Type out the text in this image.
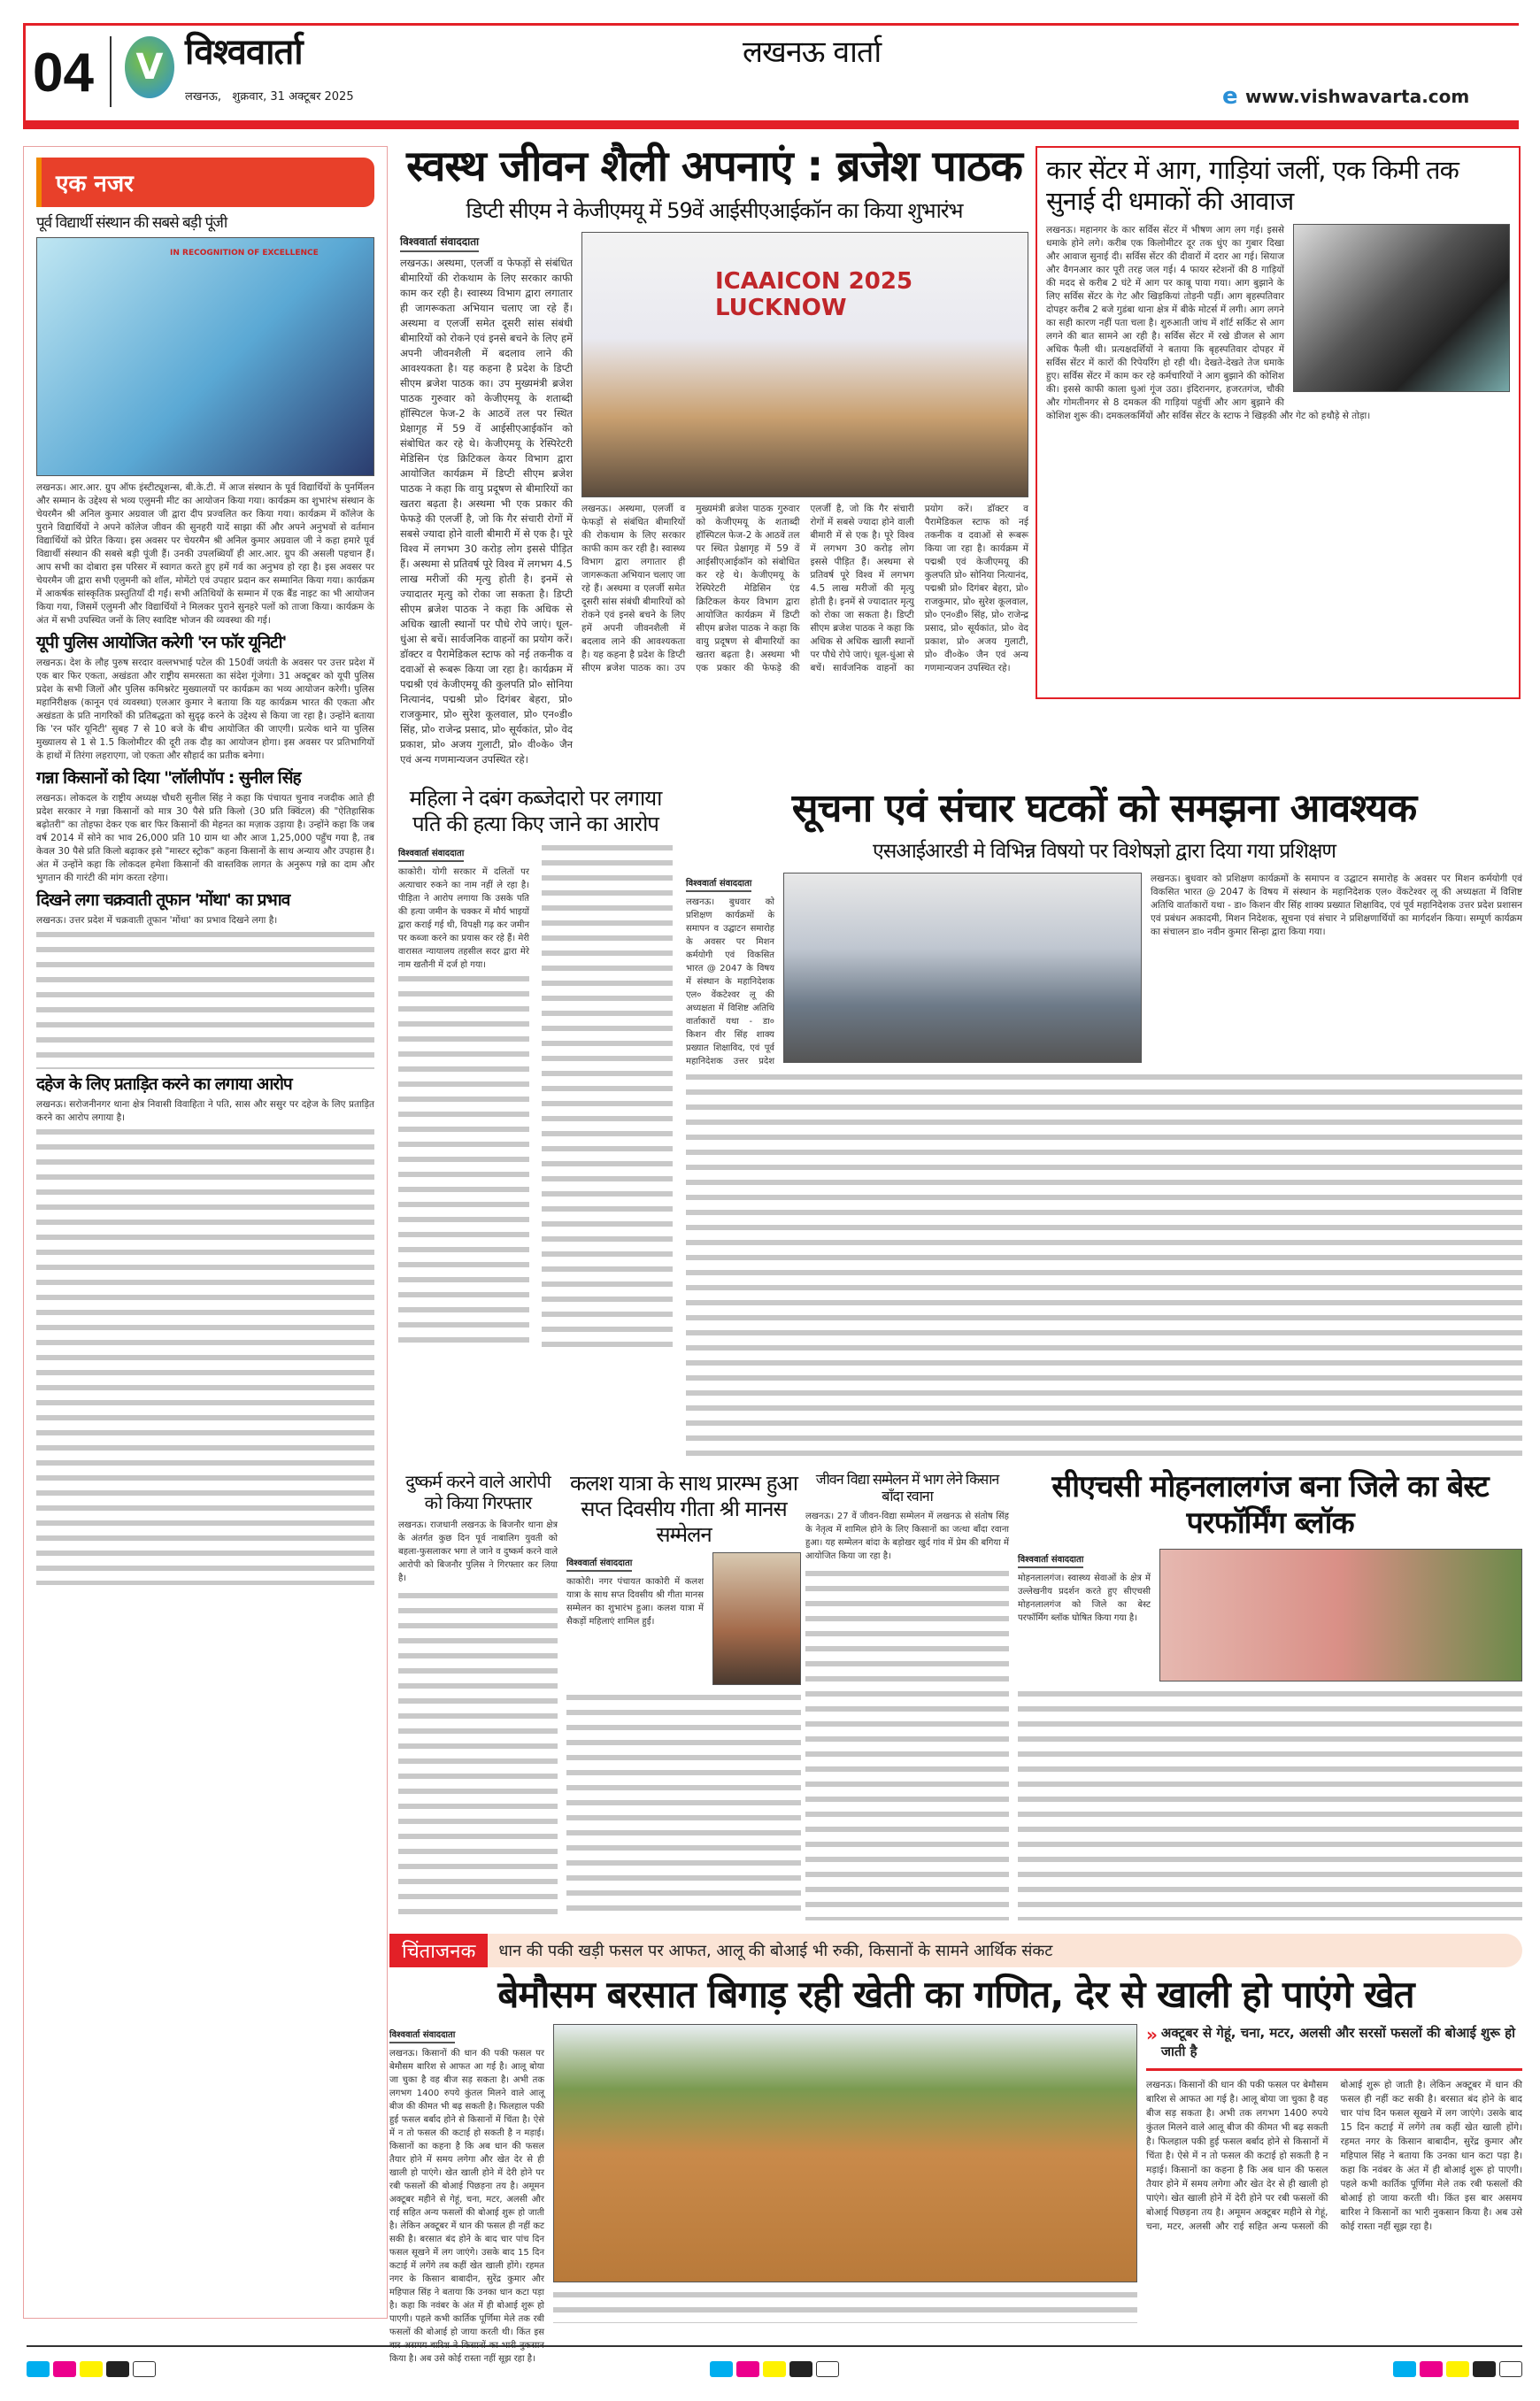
04	V विश्ववार्ता
लखनऊ,   शुक्रवार, 31 अक्टूबर 2025
लखनऊ वार्ता
e www.vishwavarta.com
एक नजर
पूर्व विद्यार्थी संस्थान की सबसे बड़ी पूंजी
IN RECOGNITION OF EXCELLENCE
लखनऊ। आर.आर. ग्रुप ऑफ इंस्टीट्यूशन्स, बी.के.टी. में आज संस्थान के पूर्व विद्यार्थियों के पुनर्मिलन और सम्मान के उद्देश्य से भव्य एलुमनी मीट का आयोजन किया गया। कार्यक्रम का शुभारंभ संस्थान के चेयरमैन श्री अनिल कुमार अग्रवाल जी द्वारा दीप प्रज्वलित कर किया गया। कार्यक्रम में कॉलेज के पुराने विद्यार्थियों ने अपने कॉलेज जीवन की सुनहरी यादें साझा कीं और अपने अनुभवों से वर्तमान विद्यार्थियों को प्रेरित किया। इस अवसर पर चेयरमैन श्री अनिल कुमार अग्रवाल जी ने कहा हमारे पूर्व विद्यार्थी संस्थान की सबसे बड़ी पूंजी हैं। उनकी उपलब्धियाँ ही आर.आर. ग्रुप की असली पहचान हैं। आप सभी का दोबारा इस परिसर में स्वागत करते हुए हमें गर्व का अनुभव हो रहा है। इस अवसर पर चेयरमैन जी द्वारा सभी एलुमनी को शॉल, मोमेंटो एवं उपहार प्रदान कर सम्मानित किया गया। कार्यक्रम में आकर्षक सांस्कृतिक प्रस्तुतियाँ दी गईं। सभी अतिथियों के सम्मान में एक बैंड नाइट का भी आयोजन किया गया, जिसमें एलुमनी और विद्यार्थियों ने मिलकर पुराने सुनहरे पलों को ताजा किया। कार्यक्रम के अंत में सभी उपस्थित जनों के लिए स्वादिष्ट भोजन की व्यवस्था की गई।
यूपी पुलिस आयोजित करेगी 'रन फॉर यूनिटी'
लखनऊ। देश के लौह पुरुष सरदार वल्लभभाई पटेल की 150वीं जयंती के अवसर पर उत्तर प्रदेश में एक बार फिर एकता, अखंडता और राष्ट्रीय समरसता का संदेश गूंजेगा। 31 अक्टूबर को यूपी पुलिस प्रदेश के सभी जिलों और पुलिस कमिश्नरेट मुख्यालयों पर कार्यक्रम का भव्य आयोजन करेगी। पुलिस महानिरीक्षक (कानून एवं व्यवस्था) एलआर कुमार ने बताया कि यह कार्यक्रम भारत की एकता और अखंडता के प्रति नागरिकों की प्रतिबद्धता को सुदृढ़ करने के उद्देश्य से किया जा रहा है। उन्होंने बताया कि 'रन फॉर यूनिटी' सुबह 7 से 10 बजे के बीच आयोजित की जाएगी। प्रत्येक थाने या पुलिस मुख्यालय से 1 से 1.5 किलोमीटर की दूरी तक दौड़ का आयोजन होगा। इस अवसर पर प्रतिभागियों के हाथों में तिरंगा लहराएगा, जो एकता और सौहार्द का प्रतीक बनेगा।
गन्ना किसानों को दिया "लॉलीपॉप : सुनील सिंह
लखनऊ। लोकदल के राष्ट्रीय अध्यक्ष चौधरी सुनील सिंह ने कहा कि पंचायत चुनाव नजदीक आते ही प्रदेश सरकार ने गन्ना किसानों को मात्र 30 पैसे प्रति किलो (30 प्रति क्विंटल) की "ऐतिहासिक बढ़ोतरी" का तोहफा देकर एक बार फिर किसानों की मेहनत का मज़ाक उड़ाया है। उन्होंने कहा कि जब वर्ष 2014 में सोने का भाव 26,000 प्रति 10 ग्राम था और आज 1,25,000 पहुँच गया है, तब केवल 30 पैसे प्रति किलो बढ़ाकर इसे "मास्टर स्ट्रोक" कहना किसानों के साथ अन्याय और उपहास है। अंत में उन्होंने कहा कि लोकदल हमेशा किसानों की वास्तविक लागत के अनुरूप गन्ने का दाम और भुगतान की गारंटी की मांग करता रहेगा।
दिखने लगा चक्रवाती तूफान 'मोंथा' का प्रभाव
लखनऊ। उत्तर प्रदेश में चक्रवाती तूफान 'मोंथा' का प्रभाव दिखने लगा है।
दहेज के लिए प्रताड़ित करने का लगाया आरोप
लखनऊ। सरोजनीनगर थाना क्षेत्र निवासी विवाहिता ने पति, सास और ससुर पर दहेज के लिए प्रताड़ित करने का आरोप लगाया है।
स्वस्थ जीवन शैली अपनाएं : ब्रजेश पाठक
डिप्टी सीएम ने केजीएमयू में 59वें आईसीएआईकॉन का किया शुभारंभ
विश्ववार्ता संवाददाता
लखनऊ। अस्थमा, एलर्जी व फेफड़ों से संबंधित बीमारियों की रोकथाम के लिए सरकार काफी काम कर रही है। स्वास्थ्य विभाग द्वारा लगातार ही जागरूकता अभियान चलाए जा रहे हैं। अस्थमा व एलर्जी समेत दूसरी सांस संबंधी बीमारियों को रोकने एवं इनसे बचने के लिए हमें अपनी जीवनशैली में बदलाव लाने की आवश्यकता है। यह कहना है प्रदेश के डिप्टी सीएम ब्रजेश पाठक का। उप मुख्यमंत्री ब्रजेश पाठक गुरुवार को केजीएमयू के शताब्दी हॉस्पिटल फेज-2 के आठवें तल पर स्थित प्रेक्षागृह में 59 वें आईसीएआईकॉन को संबोधित कर रहे थे। केजीएमयू के रेस्पिरेटरी मेडिसिन एंड क्रिटिकल केयर विभाग द्वारा आयोजित कार्यक्रम में डिप्टी सीएम ब्रजेश पाठक ने कहा कि वायु प्रदूषण से बीमारियों का खतरा बढ़ता है। अस्थमा भी एक प्रकार की फेफड़े की एलर्जी है, जो कि गैर संचारी रोगों में सबसे ज्यादा होने वाली बीमारी में से एक है। पूरे विश्व में लगभग 30 करोड़ लोग इससे पीड़ित हैं। अस्थमा से प्रतिवर्ष पूरे विश्व में लगभग 4.5 लाख मरीजों की मृत्यु होती है। इनमें से ज्यादातर मृत्यु को रोका जा सकता है। डिप्टी सीएम ब्रजेश पाठक ने कहा कि अधिक से अधिक खाली स्थानों पर पौधे रोपे जाएं। धूल-धुंआ से बचें। सार्वजनिक वाहनों का प्रयोग करें। डॉक्टर व पैरामेडिकल स्टाफ को नई तकनीक व दवाओं से रूबरू किया जा रहा है। कार्यक्रम में पद्मश्री एवं केजीएमयू की कुलपति प्रो० सोनिया नित्यानंद, पद्मश्री प्रो० दिगंबर बेहरा, प्रो० राजकुमार, प्रो० सुरेश कूलवाल, प्रो० एन०डी० सिंह, प्रो० राजेन्द्र प्रसाद, प्रो० सूर्यकांत, प्रो० वेद प्रकाश, प्रो० अजय गुलाटी, प्रो० वी०के० जैन एवं अन्य गणमान्यजन उपस्थित रहे।
ICAAICON 2025 LUCKNOW
लखनऊ। अस्थमा, एलर्जी व फेफड़ों से संबंधित बीमारियों की रोकथाम के लिए सरकार काफी काम कर रही है। स्वास्थ्य विभाग द्वारा लगातार ही जागरूकता अभियान चलाए जा रहे हैं। अस्थमा व एलर्जी समेत दूसरी सांस संबंधी बीमारियों को रोकने एवं इनसे बचने के लिए हमें अपनी जीवनशैली में बदलाव लाने की आवश्यकता है। यह कहना है प्रदेश के डिप्टी सीएम ब्रजेश पाठक का। उप मुख्यमंत्री ब्रजेश पाठक गुरुवार को केजीएमयू के शताब्दी हॉस्पिटल फेज-2 के आठवें तल पर स्थित प्रेक्षागृह में 59 वें आईसीएआईकॉन को संबोधित कर रहे थे। केजीएमयू के रेस्पिरेटरी मेडिसिन एंड क्रिटिकल केयर विभाग द्वारा आयोजित कार्यक्रम में डिप्टी सीएम ब्रजेश पाठक ने कहा कि वायु प्रदूषण से बीमारियों का खतरा बढ़ता है। अस्थमा भी एक प्रकार की फेफड़े की एलर्जी है, जो कि गैर संचारी रोगों में सबसे ज्यादा होने वाली बीमारी में से एक है। पूरे विश्व में लगभग 30 करोड़ लोग इससे पीड़ित हैं। अस्थमा से प्रतिवर्ष पूरे विश्व में लगभग 4.5 लाख मरीजों की मृत्यु होती है। इनमें से ज्यादातर मृत्यु को रोका जा सकता है। डिप्टी सीएम ब्रजेश पाठक ने कहा कि अधिक से अधिक खाली स्थानों पर पौधे रोपे जाएं। धूल-धुंआ से बचें। सार्वजनिक वाहनों का प्रयोग करें। डॉक्टर व पैरामेडिकल स्टाफ को नई तकनीक व दवाओं से रूबरू किया जा रहा है। कार्यक्रम में पद्मश्री एवं केजीएमयू की कुलपति प्रो० सोनिया नित्यानंद, पद्मश्री प्रो० दिगंबर बेहरा, प्रो० राजकुमार, प्रो० सुरेश कूलवाल, प्रो० एन०डी० सिंह, प्रो० राजेन्द्र प्रसाद, प्रो० सूर्यकांत, प्रो० वेद प्रकाश, प्रो० अजय गुलाटी, प्रो० वी०के० जैन एवं अन्य गणमान्यजन उपस्थित रहे।
कार सेंटर में आग, गाड़ियां जलीं, एक किमी तक सुनाई दी धमाकों की आवाज
लखनऊ। महानगर के कार सर्विस सेंटर में भीषण आग लग गई। इससे धमाके होने लगे। करीब एक किलोमीटर दूर तक धुंए का गुबार दिखा और आवाज सुनाई दी। सर्विस सेंटर की दीवारों में दरार आ गई। सियाज और वैगनआर कार पूरी तरह जल गई। 4 फायर स्टेशनों की 8 गाड़ियों की मदद से करीब 2 घंटे में आग पर काबू पाया गया। आग बुझाने के लिए सर्विस सेंटर के गेट और खिड़कियां तोड़नी पड़ीं। आग बृहस्पतिवार दोपहर करीब 2 बजे गुडंबा थाना क्षेत्र में बीके मोटर्स में लगी। आग लगने का सही कारण नहीं पता चला है। शुरुआती जांच में शॉर्ट सर्किट से आग लगने की बात सामने आ रही है। सर्विस सेंटर में रखे डीजल से आग अधिक फैली थी। प्रत्यक्षदर्शियों ने बताया कि बृहस्पतिवार दोपहर में सर्विस सेंटर में कारों की रिपेयरिंग हो रही थी। देखते-देखते तेज धमाके हुए। सर्विस सेंटर में काम कर रहे कर्मचारियों ने आग बुझाने की कोशिश की। इससे काफी काला धुआं गूंज उठा। इंदिरानगर, हजरतगंज, चौकी और गोमतीनगर से 8 दमकल की गाड़ियां पहुंचीं और आग बुझाने की कोशिश शुरू की। दमकलकर्मियों और सर्विस सेंटर के स्टाफ ने खिड़की और गेट को हथौड़े से तोड़ा।
महिला ने दबंग कब्जेदारो पर लगाया पति की हत्या किए जाने का आरोप
विश्ववार्ता संवाददाता
काकोरी। योगी सरकार में दलितों पर अत्याचार रुकने का नाम नहीं ले रहा है। पीड़िता ने आरोप लगाया कि उसके पति की हत्या जमीन के चक्कर में मौर्य भाइयों द्वारा कराई गई थी, विपक्षी गढ़ कर जमीन पर कब्जा करने का प्रयास कर रहे हैं। मेरी वारासत न्यायालय तहसील सदर द्वारा मेरे नाम खतौनी में दर्ज हो गया।
सूचना एवं संचार घटकों को समझना आवश्यक
एसआईआरडी मे विभिन्न विषयो पर विशेषज्ञो द्वारा दिया गया प्रशिक्षण
विश्ववार्ता संवाददाता
लखनऊ। बुधवार को प्रशिक्षण कार्यक्रमों के समापन व उद्घाटन समारोह के अवसर पर मिशन कर्मयोगी एवं विकसित भारत @ 2047 के विषय में संस्थान के महानिदेशक एल० वेंकटेश्वर लू की अध्यक्षता में विशिष्ट अतिथि वार्ताकारों यथा - डा० किशन वीर सिंह शाक्य प्रख्यात शिक्षाविद, एवं पूर्व महानिदेशक उत्तर प्रदेश
लखनऊ। बुधवार को प्रशिक्षण कार्यक्रमों के समापन व उद्घाटन समारोह के अवसर पर मिशन कर्मयोगी एवं विकसित भारत @ 2047 के विषय में संस्थान के महानिदेशक एल० वेंकटेश्वर लू की अध्यक्षता में विशिष्ट अतिथि वार्ताकारों यथा - डा० किशन वीर सिंह शाक्य प्रख्यात शिक्षाविद, एवं पूर्व महानिदेशक उत्तर प्रदेश प्रशासन एवं प्रबंधन अकादमी, मिशन निदेशक, सूचना एवं संचार ने प्रशिक्षणार्थियों का मार्गदर्शन किया। सम्पूर्ण कार्यक्रम का संचालन डा० नवीन कुमार सिन्हा द्वारा किया गया।
दुष्कर्म करने वाले आरोपी को किया गिरफ्तार
लखनऊ। राजधानी लखनऊ के बिजनौर थाना क्षेत्र के अंतर्गत कुछ दिन पूर्व नाबालिग युवती को बहला-फुसलाकर भगा ले जाने व दुष्कर्म करने वाले आरोपी को बिजनौर पुलिस ने गिरफ्तार कर लिया है।
कलश यात्रा के साथ प्रारम्भ हुआ सप्त दिवसीय गीता श्री मानस सम्मेलन
विश्ववार्ता संवाददाता
काकोरी। नगर पंचायत काकोरी में कलश यात्रा के साथ सप्त दिवसीय श्री गीता मानस सम्मेलन का शुभारंभ हुआ। कलश यात्रा में सैकड़ों महिलाएं शामिल हुईं।
जीवन विद्या सम्मेलन में भाग लेने किसान बाँदा रवाना
लखनऊ। 27 वें जीवन-विद्या सम्मेलन में लखनऊ से संतोष सिंह के नेतृत्व में शामिल होने के लिए किसानों का जत्था बाँदा रवाना हुआ। यह सम्मेलन बांदा के बड़ोखर खुर्द गांव में प्रेम की बगिया में आयोजित किया जा रहा है।
सीएचसी मोहनलालगंज बना जिले का बेस्ट परफॉर्मिंग ब्लॉक
विश्ववार्ता संवाददाता
मोहनलालगंज। स्वास्थ्य सेवाओं के क्षेत्र में उल्लेखनीय प्रदर्शन करते हुए सीएचसी मोहनलालगंज को जिले का बेस्ट परफॉर्मिंग ब्लॉक घोषित किया गया है।
चिंताजनक	धान की पकी खड़ी फसल पर आफत, आलू की बोआई भी रुकी, किसानों के सामने आर्थिक संकट
बेमौसम बरसात बिगाड़ रही खेती का गणित, देर से खाली हो पाएंगे खेत
विश्ववार्ता संवाददाता
लखनऊ। किसानों की धान की पकी फसल पर बेमौसम बारिश से आफत आ गई है। आलू बोया जा चुका है वह बीज सड़ सकता है। अभी तक लगभग 1400 रुपये कुंतल मिलने वाले आलू बीज की कीमत भी बढ़ सकती है। फिलहाल पकी हुई फसल बर्बाद होने से किसानों में चिंता है। ऐसे में न तो फसल की कटाई हो सकती है न मड़ाई। किसानों का कहना है कि अब धान की फसल तैयार होने में समय लगेगा और खेत देर से ही खाली हो पाएंगे। खेत खाली होने में देरी होने पर रबी फसलों की बोआई पिछड़ना तय है। अमूमन अक्टूबर महीने से गेहूं, चना, मटर, अलसी और राई सहित अन्य फसलों की बोआई शुरू हो जाती है। लेकिन अक्टूबर में धान की फसल ही नहीं कट सकी है। बरसात बंद होने के बाद चार पांच दिन फसल सूखने में लग जाएंगे। उसके बाद 15 दिन कटाई में लगेंगे तब कहीं खेत खाली होंगे। रहमत नगर के किसान बाबादीन, सुरेंद्र कुमार और महिपाल सिंह ने बताया कि उनका धान कटा पड़ा है। कहा कि नवंबर के अंत में ही बोआई शुरू हो पाएगी। पहले कभी कार्तिक पूर्णिमा मेले तक रबी फसलों की बोआई हो जाया करती थी। किंत इस किया है। अब उसे कोई रास्ता नहीं सूझ रहा है।
» अक्टूबर से गेहूं, चना, मटर, अलसी और सरसों फसलों की बोआई शुरू हो जाती है
लखनऊ। किसानों की धान की पकी फसल पर बेमौसम बारिश से आफत आ गई है। आलू बोया जा चुका है वह बीज सड़ सकता है। अभी तक लगभग 1400 रुपये कुंतल मिलने वाले आलू बीज की कीमत भी बढ़ सकती है। फिलहाल पकी हुई फसल बर्बाद होने से किसानों में चिंता है। ऐसे में न तो फसल की कटाई हो सकती है न मड़ाई। किसानों का कहना है कि अब धान की फसल तैयार होने में समय लगेगा और खेत देर से ही खाली हो पाएंगे। खेत खाली होने में देरी होने पर रबी फसलों की बोआई पिछड़ना तय है। अमूमन अक्टूबर महीने से गेहूं, चना, मटर, अलसी और राई सहित अन्य फसलों की बोआई शुरू हो जाती है। लेकिन अक्टूबर में धान की फसल ही नहीं कट सकी है। बरसात बंद होने के बाद चार पांच दिन फसल सूखने में लग जाएंगे। उसके बाद 15 दिन कटाई में लगेंगे तब कहीं खेत खाली होंगे। रहमत नगर के किसान बाबादीन, सुरेंद्र कुमार और महिपाल सिंह ने बताया कि उनका धान कटा पड़ा है। कहा कि नवंबर के अंत में ही बोआई शुरू हो पाएगी। पहले कभी कार्तिक पूर्णिमा मेले तक रबी फसलों की बोआई हो जाया करती थी। किंत इस बार असमय बारिश ने किसानों का भारी नुकसान किया है। अब उसे कोई रास्ता नहीं सूझ रहा है।
